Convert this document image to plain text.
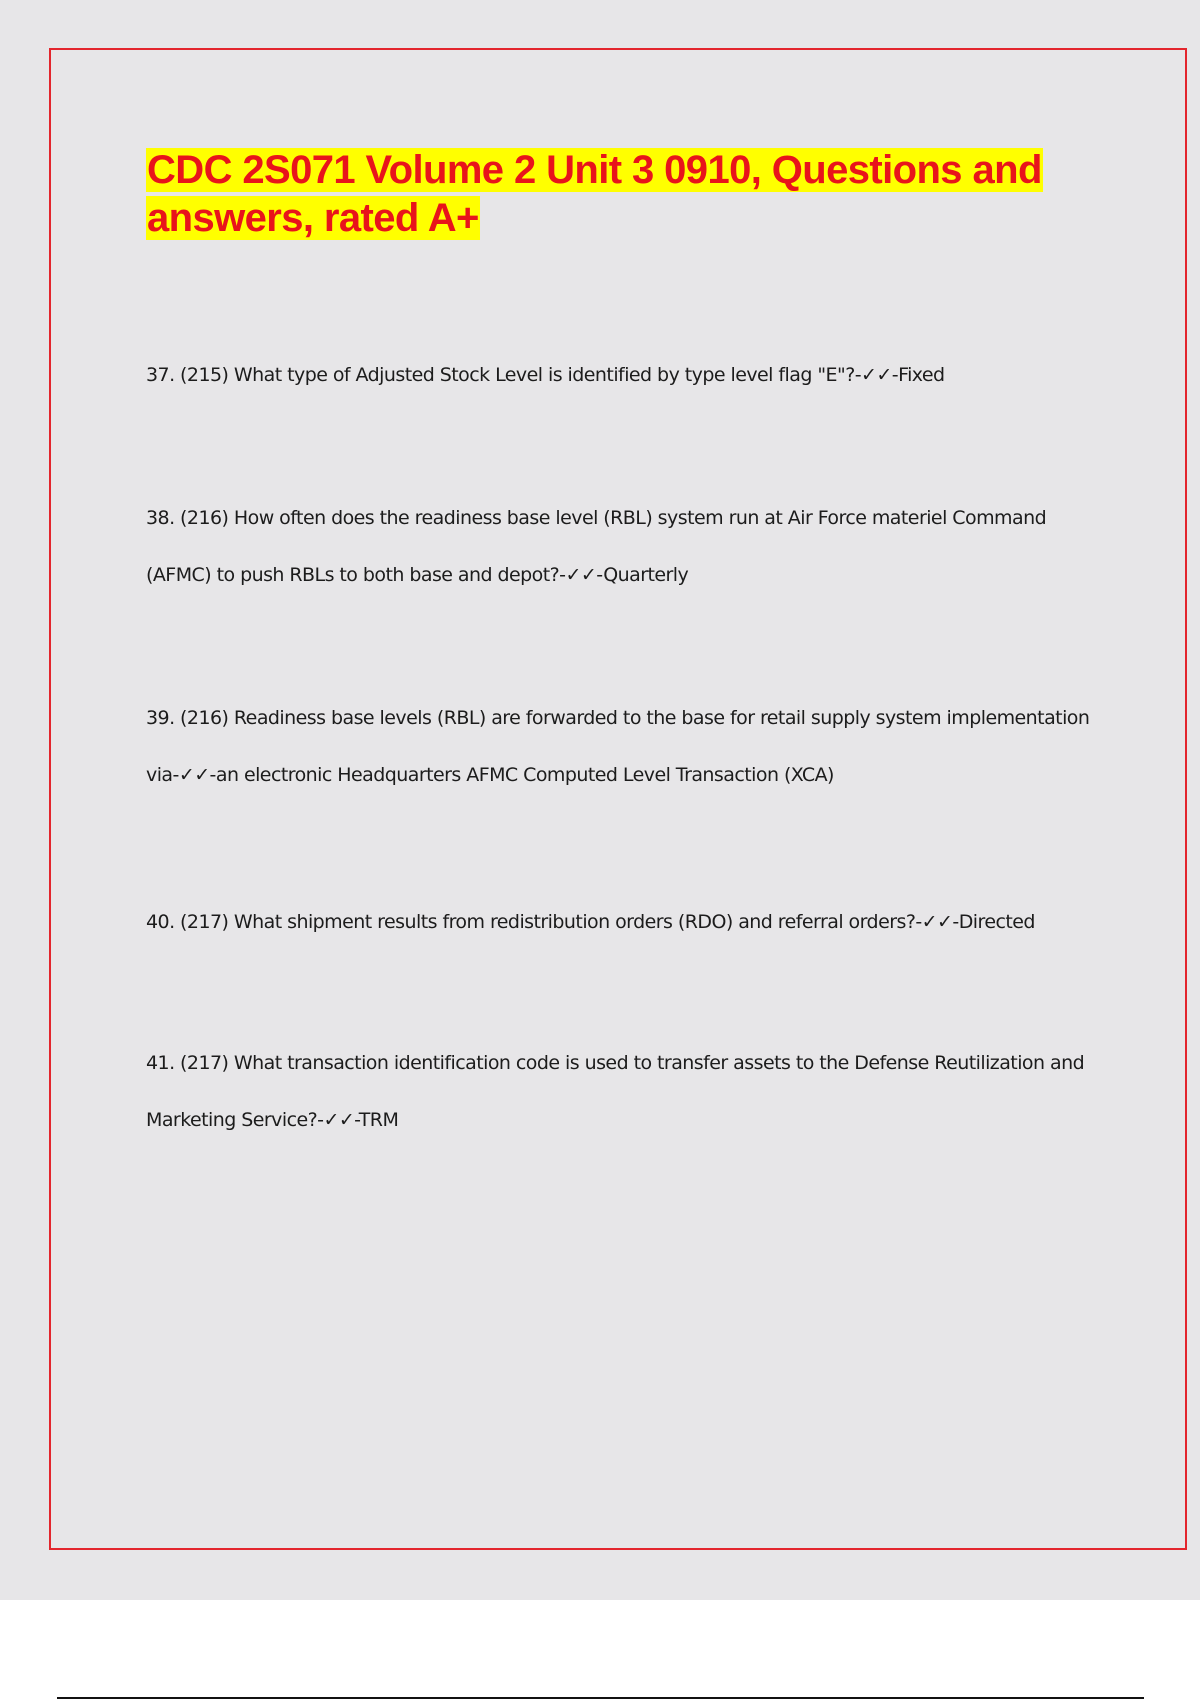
CDC 2S071 Volume 2 Unit 3 0910, Questions and answers, rated A+

37. (215) What type of Adjusted Stock Level is identified by type level flag "E"?-✓✓-Fixed

38. (216) How often does the readiness base level (RBL) system run at Air Force materiel Command (AFMC) to push RBLs to both base and depot?-✓✓-Quarterly

39. (216) Readiness base levels (RBL) are forwarded to the base for retail supply system implementation via-✓✓-an electronic Headquarters AFMC Computed Level Transaction (XCA)

40. (217) What shipment results from redistribution orders (RDO) and referral orders?-✓✓-Directed

41. (217) What transaction identification code is used to transfer assets to the Defense Reutilization and Marketing Service?-✓✓-TRM
